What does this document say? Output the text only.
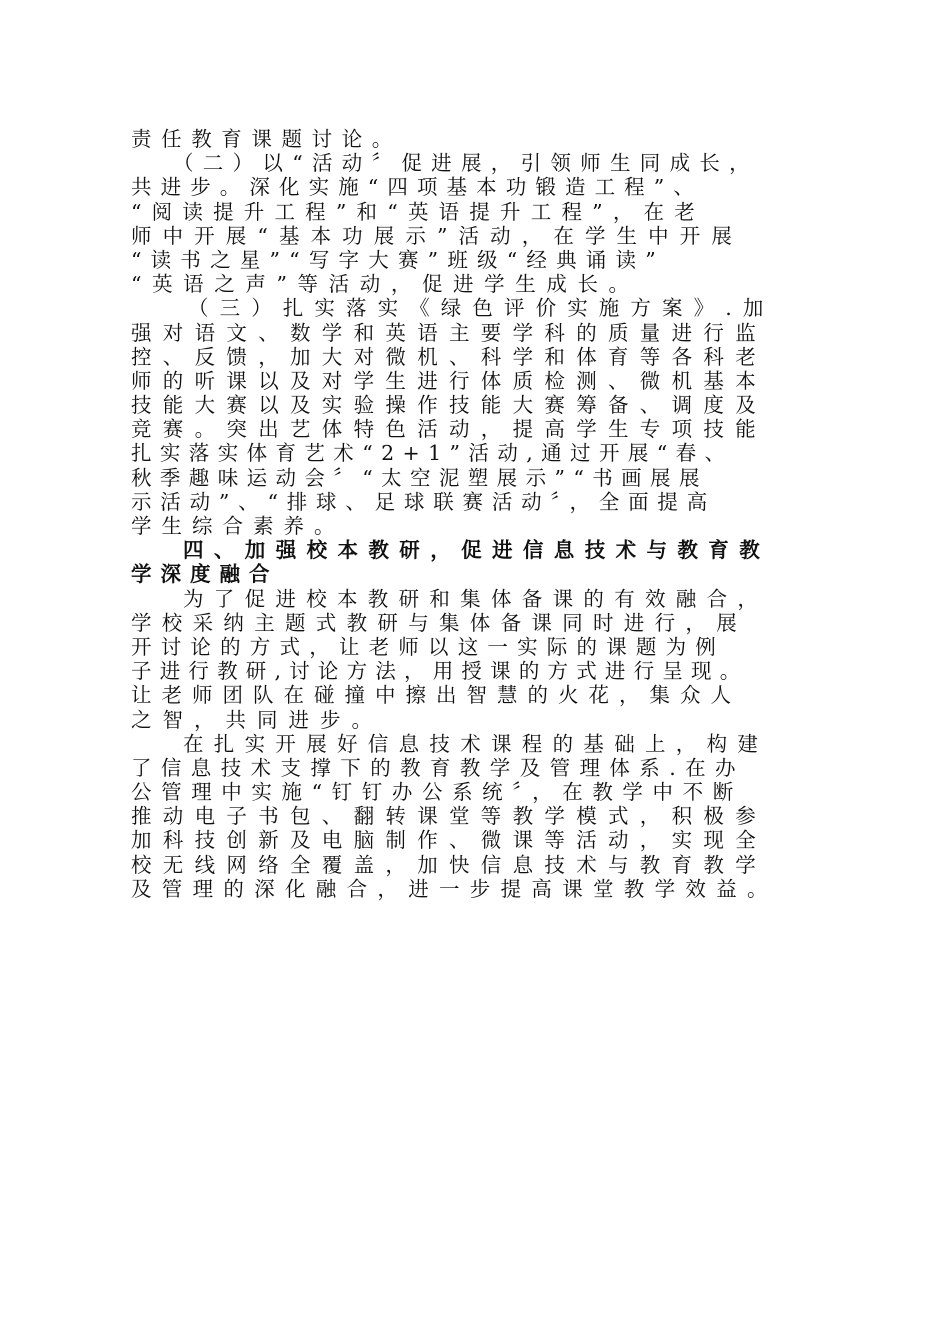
责任教育课题讨论。
（二）以“活动〞促进展，引领师生同成长，
共进步。深化实施“四项基本功锻造工程”、
“阅读提升工程”和“英语提升工程”，在老
师中开展“基本功展示”活动，在学生中开展
“读书之星”“写字大赛”班级“经典诵读”
“英语之声”等活动，促进学生成长。
（三）扎实落实《绿色评价实施方案》.加
强对语文、数学和英语主要学科的质量进行监
控、反馈，加大对微机、科学和体育等各科老
师的听课以及对学生进行体质检测、微机基本
技能大赛以及实验操作技能大赛筹备、调度及
竞赛。突出艺体特色活动，提高学生专项技能
扎实落实体育艺术“2+1”活动,通过开展“春、
秋季趣味运动会〞“太空泥塑展示”“书画展展
示活动”、“排球、足球联赛活动〞，全面提高
学生综合素养。
四、加强校本教研，促进信息技术与教育教
学深度融合
为了促进校本教研和集体备课的有效融合，
学校采纳主题式教研与集体备课同时进行，展
开讨论的方式，让老师以这一实际的课题为例
子进行教研,讨论方法，用授课的方式进行呈现。
让老师团队在碰撞中擦出智慧的火花，集众人
之智，共同进步。
在扎实开展好信息技术课程的基础上，构建
了信息技术支撑下的教育教学及管理体系.在办
公管理中实施“钉钉办公系统〞，在教学中不断
推动电子书包、翻转课堂等教学模式，积极参
加科技创新及电脑制作、微课等活动，实现全
校无线网络全覆盖，加快信息技术与教育教学
及管理的深化融合，进一步提高课堂教学效益。
